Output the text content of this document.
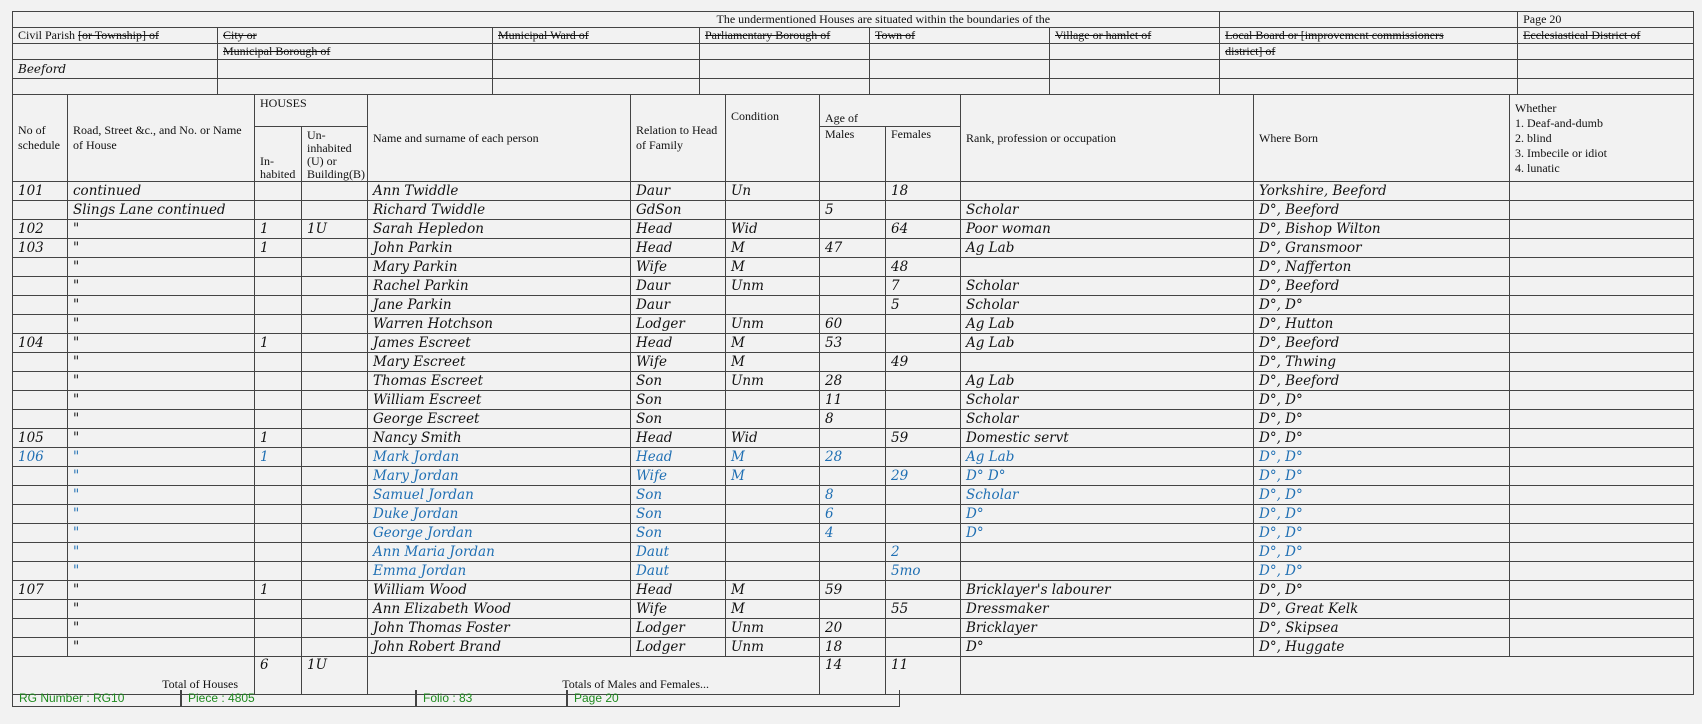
The undermentioned Houses are situated within the boundaries of the							Page 20
Civil Parish [or Township] of	City or	Municipal Ward of	Parliamentary Borough of	Town of	Village or hamlet of	Local Board or [improvement commissioners	Ecclesiastical District of
	Municipal Borough of					district] of	
Beeford							

No of schedule	Road, Street &c., and No. or Name of House	HOUSES		Name and surname of each person	Relation to Head of Family	Condition	Age of		Rank, profession or occupation	Where Born	Whether
1. Deaf-and-dumb
2. blind
3. Imbecile or idiot
4. lunatic

		In-habited	Un-inhabited (U) or Building(B)				Males	Females			
101	continued			Ann Twiddle	Daur	Un		18		Yorkshire, Beeford	
	Slings Lane continued			Richard Twiddle	GdSon		5		Scholar	D°, Beeford	
102	"	1	1U	Sarah Hepledon	Head	Wid		64	Poor woman	D°, Bishop Wilton	
103	"	1		John Parkin	Head	M	47		Ag Lab	D°, Gransmoor	
	"			Mary Parkin	Wife	M		48		D°, Nafferton	
	"			Rachel Parkin	Daur	Unm		7	Scholar	D°, Beeford	
	"			Jane Parkin	Daur			5	Scholar	D°, D°	
	"			Warren Hotchson	Lodger	Unm	60		Ag Lab	D°, Hutton	
104	"	1		James Escreet	Head	M	53		Ag Lab	D°, Beeford	
	"			Mary Escreet	Wife	M		49		D°, Thwing	
	"			Thomas Escreet	Son	Unm	28		Ag Lab	D°, Beeford	
	"			William Escreet	Son		11		Scholar	D°, D°	
	"			George Escreet	Son		8		Scholar	D°, D°	
105	"	1		Nancy Smith	Head	Wid		59	Domestic servt	D°, D°	
106	"	1		Mark Jordan	Head	M	28		Ag Lab	D°, D°	
	"			Mary Jordan	Wife	M		29	D° D°	D°, D°	
	"			Samuel Jordan	Son		8		Scholar	D°, D°	
	"			Duke Jordan	Son		6		D°	D°, D°	
	"			George Jordan	Son		4		D°	D°, D°	
	"			Ann Maria Jordan	Daut			2		D°, D°	
	"			Emma Jordan	Daut			5mo		D°, D°	
107	"	1		William Wood	Head	M	59		Bricklayer's labourer	D°, D°	
	"			Ann Elizabeth Wood	Wife	M		55	Dressmaker	D°, Great Kelk	
	"			John Thomas Foster	Lodger	Unm	20		Bricklayer	D°, Skipsea	
	"			John Robert Brand	Lodger	Unm	18		D°	D°, Huggate	
Total of Houses		6	1U	Totals of Males and Females...			14	11			
RG Number : RG10	Piece : 4805	Folio : 83	Page 20
